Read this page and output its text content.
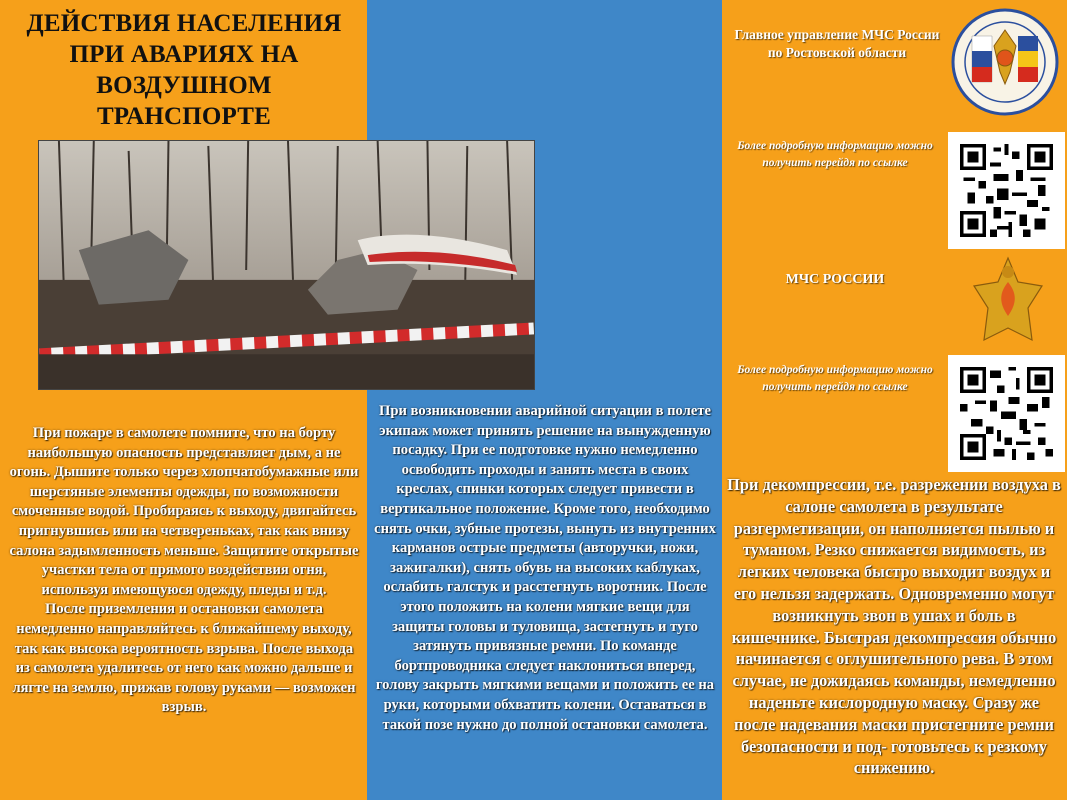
ДЕЙСТВИЯ НАСЕЛЕНИЯ ПРИ АВАРИЯХ НА ВОЗДУШНОМ ТРАНСПОРТЕ

При пожаре в самолете помните, что на борту наибольшую опасность представляет дым, а не огонь. Дышите только через хлопчатобумажные или шерстяные элементы одежды, по возможности смоченные водой. Пробираясь к выходу, двигайтесь пригнувшись или на четвереньках, так как внизу салона задымленность меньше. Защитите открытые участки тела от прямого воздействия огня, используя имеющуюся одежду, пледы и т.д.

После приземления и остановки самолета немедленно направляйтесь к ближайшему выходу, так как высока вероятность взрыва. После выхода из самолета удалитесь от него как можно дальше и лягте на землю, прижав голову руками — возможен взрыв.

При возникновении аварийной ситуации в полете экипаж может принять решение на вынужденную посадку. При ее подготовке нужно немедленно освободить проходы и занять места в своих креслах, спинки которых следует привести в вертикальное положение. Кроме того, необходимо снять очки, зубные протезы, вынуть из внутренних карманов острые предметы (авторучки, ножи, зажигалки), снять обувь на высоких каблуках, ослабить галстук и расстегнуть воротник. После этого положить на колени мягкие вещи для защиты головы и туловища, застегнуть и туго затянуть привязные ремни. По команде бортпроводника следует наклониться вперед, голову закрыть мягкими вещами и положить ее на руки, которыми обхватить колени. Оставаться в такой позе нужно до полной остановки самолета.

Главное управление МЧС России по Ростовской области
Более подробную информацию можно получить перейдя по ссылке
МЧС РОССИИ
Более подробную информацию можно получить перейдя по ссылке

При декомпрессии, т.е. разрежении воздуха в салоне самолета в результате разгерметизации, он наполняется пылью и туманом. Резко снижается видимость, из легких человека быстро выходит воздух и его нельзя задержать. Одновременно могут возникнуть звон в ушах и боль в кишечнике. Быстрая декомпрессия обычно начинается с оглушительного рева. В этом случае, не дожидаясь команды, немедленно наденьте кислородную маску. Сразу же после надевания маски пристегните ремни безопасности и под- готовьтесь к резкому снижению.
